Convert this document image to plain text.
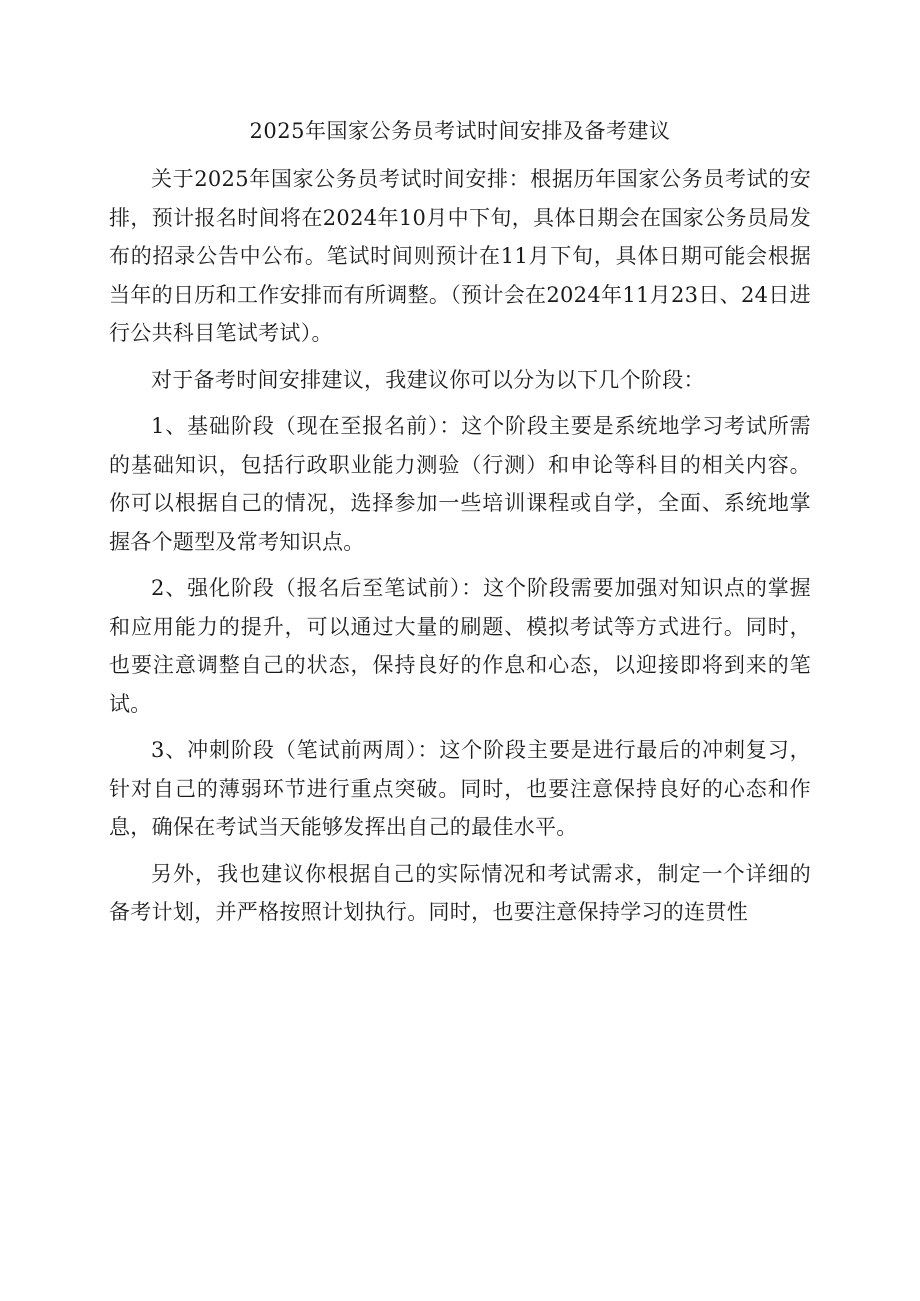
2025年国家公务员考试时间安排及备考建议

关于2025年国家公务员考试时间安排：根据历年国家公务员考试的安排，预计报名时间将在2024年10月中下旬，具体日期会在国家公务员局发布的招录公告中公布。笔试时间则预计在11月下旬，具体日期可能会根据当年的日历和工作安排而有所调整。（预计会在2024年11月23日、24日进行公共科目笔试考试）。

对于备考时间安排建议，我建议你可以分为以下几个阶段：

1、基础阶段（现在至报名前）：这个阶段主要是系统地学习考试所需的基础知识，包括行政职业能力测验（行测）和申论等科目的相关内容。你可以根据自己的情况，选择参加一些培训课程或自学，全面、系统地掌握各个题型及常考知识点。

2、强化阶段（报名后至笔试前）：这个阶段需要加强对知识点的掌握和应用能力的提升，可以通过大量的刷题、模拟考试等方式进行。同时，也要注意调整自己的状态，保持良好的作息和心态，以迎接即将到来的笔试。

3、冲刺阶段（笔试前两周）：这个阶段主要是进行最后的冲刺复习，针对自己的薄弱环节进行重点突破。同时，也要注意保持良好的心态和作息，确保在考试当天能够发挥出自己的最佳水平。

另外，我也建议你根据自己的实际情况和考试需求，制定一个详细的备考计划，并严格按照计划执行。同时，也要注意保持学习的连贯性
